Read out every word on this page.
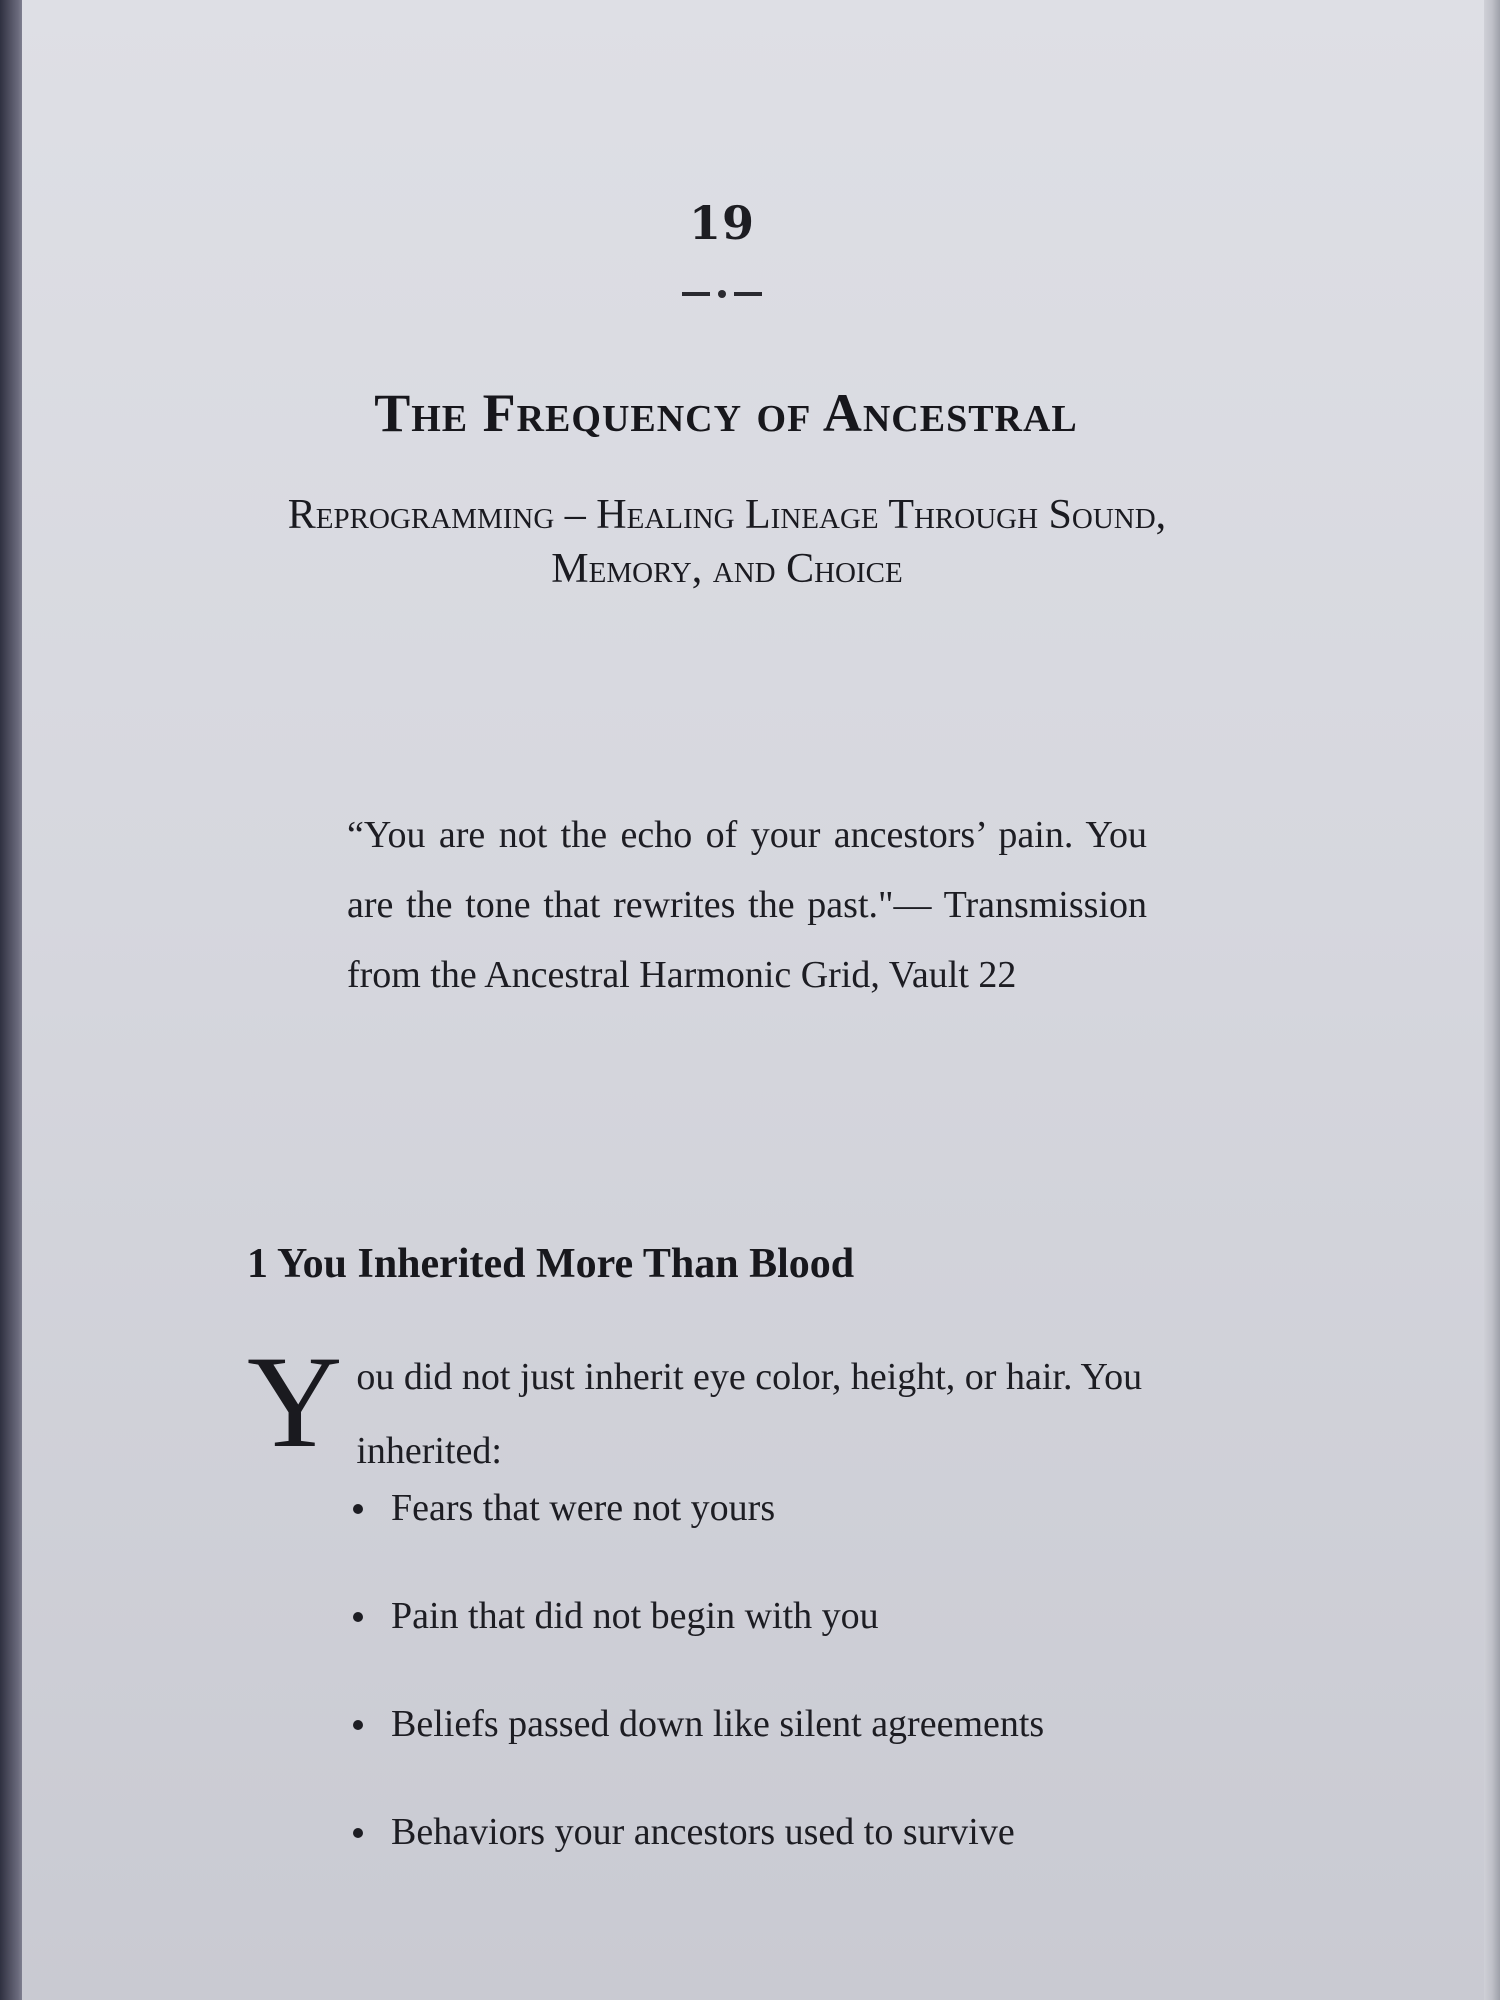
19
The Frequency of Ancestral
Reprogramming – Healing Lineage Through Sound, Memory, and Choice
“You are not the echo of your ancestors’ pain. You are the tone that rewrites the past."— Transmission from the Ancestral Harmonic Grid, Vault 22
1 You Inherited More Than Blood
Y ou did not just inherit eye color, height, or hair. You inherited:
Fears that were not yours
Pain that did not begin with you
Beliefs passed down like silent agreements
Behaviors your ancestors used to survive
